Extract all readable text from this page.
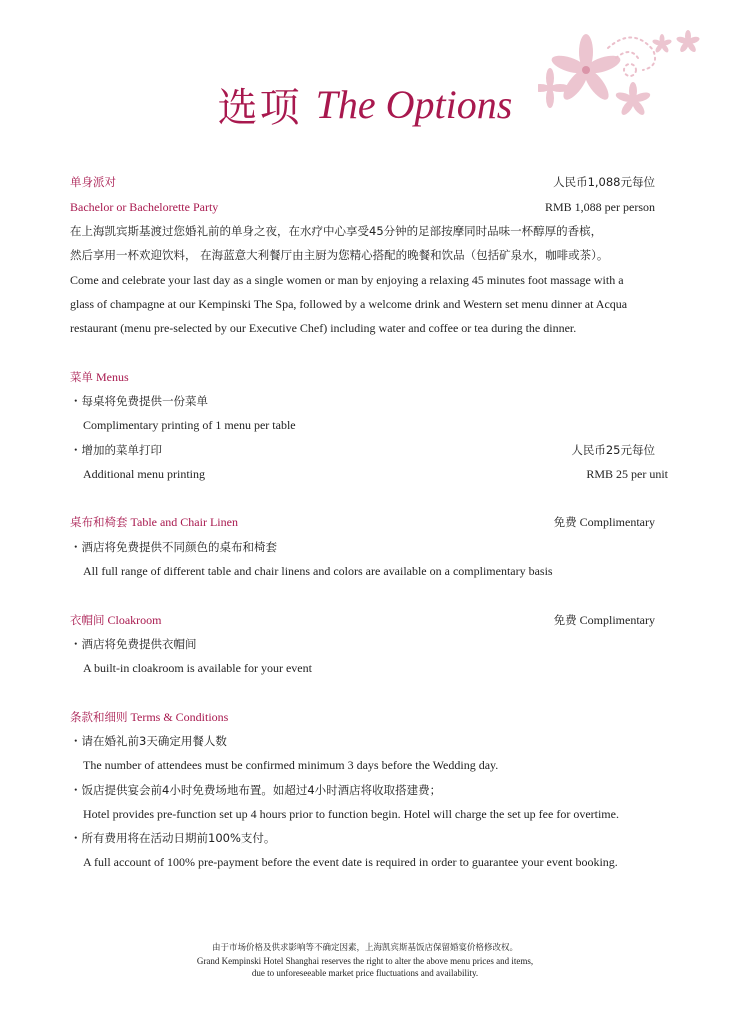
选项 The Options
单身派对	人民币1,088元每位
Bachelor or Bachelorette Party	RMB 1,088 per person
在上海凯宾斯基渡过您婚礼前的单身之夜，在水疗中心享受45分钟的足部按摩同时品味一杯醇厚的香槟，
然后享用一杯欢迎饮料， 在海蓝意大利餐厅由主厨为您精心搭配的晚餐和饮品（包括矿泉水，咖啡或茶）。
Come and celebrate your last day as a single women or man by enjoying a relaxing 45 minutes foot massage with a
glass of champagne at our Kempinski The Spa, followed by a welcome drink and Western set menu dinner at Acqua
restaurant (menu pre-selected by our Executive Chef) including water and coffee or tea during the dinner.
菜单 Menus
・每桌将免费提供一份菜单
Complimentary printing of 1 menu per table
・增加的菜单打印	人民币25元每位
Additional menu printing	RMB 25 per unit
桌布和椅套 Table and Chair Linen	免费 Complimentary
・酒店将免费提供不同颜色的桌布和椅套
All full range of different table and chair linens and colors are available on a complimentary basis
衣帽间 Cloakroom	免费 Complimentary
・酒店将免费提供衣帽间
A built-in cloakroom is available for your event
条款和细则 Terms & Conditions
・请在婚礼前3天确定用餐人数
The number of attendees must be confirmed minimum 3 days before the Wedding day.
・饭店提供宴会前4小时免费场地布置。如超过4小时酒店将收取搭建费；
Hotel provides pre-function set up 4 hours prior to function begin. Hotel will charge the set up fee for overtime.
・所有费用将在活动日期前100%支付。
A full account of 100% pre-payment before the event date is required in order to guarantee your event booking.
由于市场价格及供求影响等不确定因素，上海凯宾斯基饭店保留婚宴价格修改权。
Grand Kempinski Hotel Shanghai reserves the right to alter the above menu prices and items,
due to unforeseeable market price fluctuations and availability.
